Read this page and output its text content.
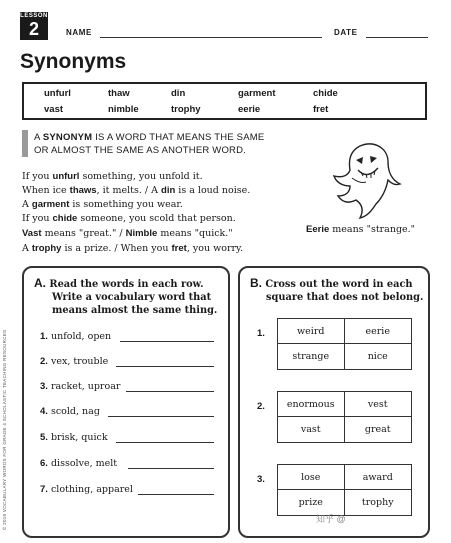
LESSON
2	NAME	DATE
Synonyms
unfurl	thaw	din	garment	chide
vast	nimble	trophy	eerie	fret
A SYNONYM IS A WORD THAT MEANS THE SAME
OR ALMOST THE SAME AS ANOTHER WORD.
If you unfurl something, you unfold it.
When ice thaws, it melts. / A din is a loud noise.
A garment is something you wear.
If you chide someone, you scold that person.
Vast means "great." / Nimble means "quick."
A trophy is a prize. / When you fret, you worry.
Eerie means "strange."
A. Read the words in each row.
Write a vocabulary word that
means almost the same thing.
1. unfold, open
2. vex, trouble
3. racket, uproar
4. scold, nag
5. brisk, quick
6. dissolve, melt
7. clothing, apparel
B. Cross out the word in each
square that does not belong.
1.	weird	eerie
strange	nice
2.	enormous	vest
vast	great
3.	lose	award
prize	trophy
© 2010 VOCABULARY WORDS FOR GRADE 4 SCHOLASTIC TEACHING RESOURCES	知乎 @
